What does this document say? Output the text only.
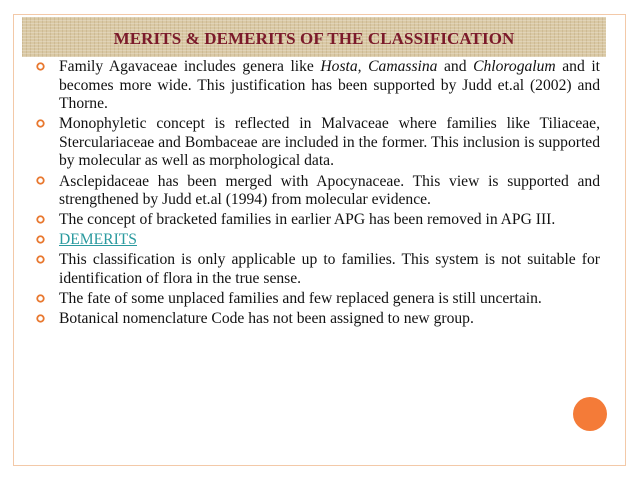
MERITS & DEMERITS OF THE CLASSIFICATION
Family Agavaceae includes genera like Hosta, Camassina and Chlorogalum and it becomes more wide. This justification has been supported by Judd et.al (2002) and Thorne.
Monophyletic concept is reflected in Malvaceae where families like Tiliaceae, Sterculariaceae and Bombaceae are included in the former. This inclusion is supported by molecular as well as morphological data.
Asclepidaceae has been merged with Apocynaceae. This view is supported and strengthened by Judd et.al (1994) from molecular evidence.
The concept of bracketed families in earlier APG has been removed in APG III.
DEMERITS
This classification is only applicable up to families. This system is not suitable for identification of flora in the true sense.
The fate of some unplaced families and few replaced genera is still uncertain.
Botanical nomenclature Code has not been assigned to new group.
